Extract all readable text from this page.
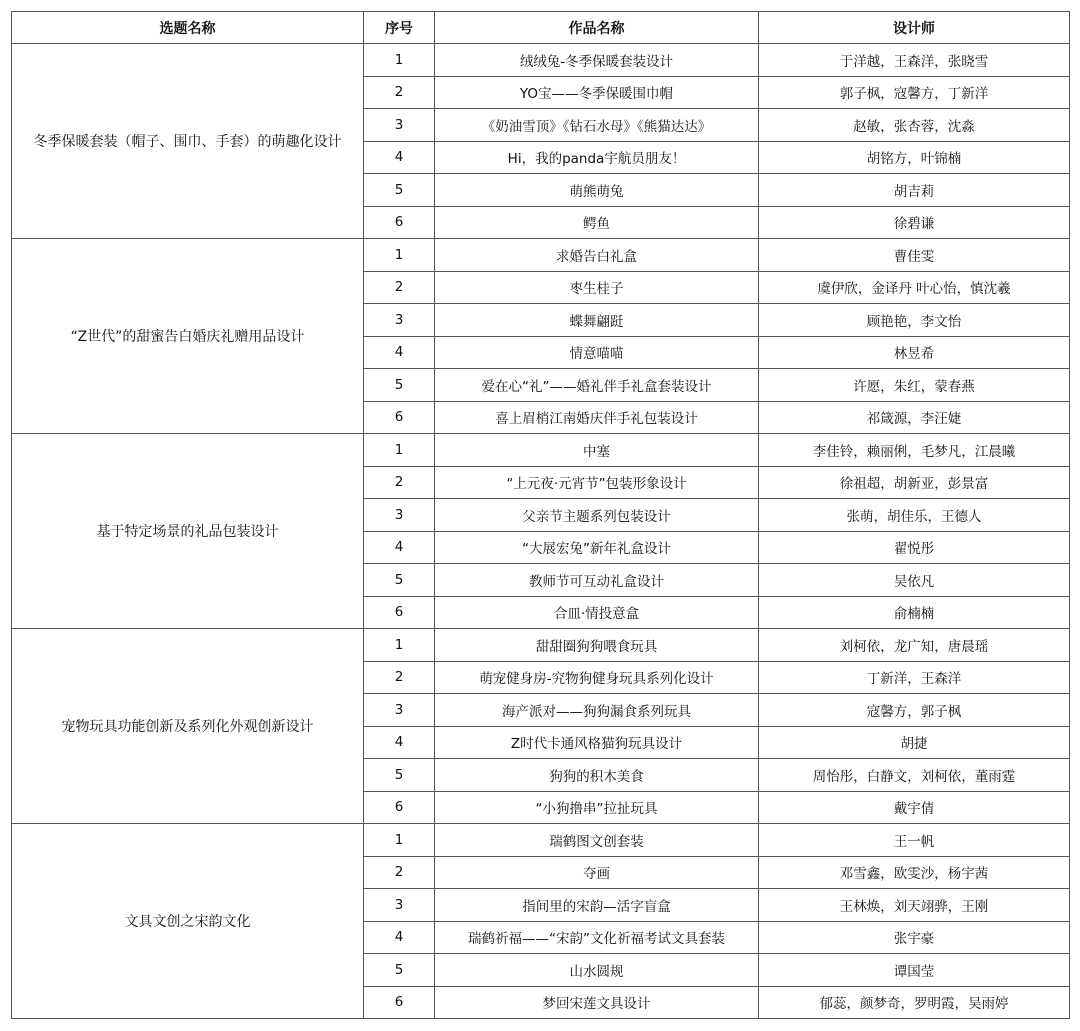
选题名称	序号	作品名称	设计师
冬季保暖套装（帽子、围巾、手套）的萌趣化设计	1	绒绒兔-冬季保暖套装设计	于洋越，王森洋，张晓雪
	2	YO宝——冬季保暖围巾帽	郭子枫，寇馨方，丁新洋
	3	《奶油雪顶》《钻石水母》《熊猫达达》	赵敏，张杏蓉，沈淼
	4	Hi，我的panda宇航员朋友！	胡铭方，叶锦楠
	5	萌熊萌兔	胡吉莉
	6	鳄鱼	徐碧谦
“Z世代”的甜蜜告白婚庆礼赠用品设计	1	求婚告白礼盒	曹佳雯
	2	枣生桂子	虞伊欣，金译丹 叶心怡，慎沈羲
	3	蝶舞翩跹	顾艳艳，李文怡
	4	情意喵喵	林昱希
	5	爱在心“礼”——婚礼伴手礼盒套装设计	许愿，朱红，蒙春燕
	6	喜上眉梢江南婚庆伴手礼包装设计	祁箴源，李汪婕
基于特定场景的礼品包装设计	1	中塞	李佳铃，赖丽俐，毛梦凡，江晨曦
	2	“上元夜·元宵节”包装形象设计	徐祖超，胡新亚，彭景富
	3	父亲节主题系列包装设计	张萌，胡佳乐，王德人
	4	“大展宏兔”新年礼盒设计	翟悦彤
	5	教师节可互动礼盒设计	吴依凡
	6	合皿·情投意盒	俞楠楠
宠物玩具功能创新及系列化外观创新设计	1	甜甜圈狗狗喂食玩具	刘柯依，龙广知，唐晨瑶
	2	萌宠健身房-究物狗健身玩具系列化设计	丁新洋，王森洋
	3	海产派对——狗狗漏食系列玩具	寇馨方，郭子枫
	4	Z时代卡通风格猫狗玩具设计	胡捷
	5	狗狗的积木美食	周怡彤，白静文，刘柯依，董雨霆
	6	“小狗撸串”拉扯玩具	戴宇倩
文具文创之宋韵文化	1	瑞鹤图文创套装	王一帆
	2	夺画	邓雪鑫，欧雯沙，杨宇茜
	3	指间里的宋韵—活字盲盒	王林焕，刘天翊骅，王刚
	4	瑞鹤祈福——“宋韵”文化祈福考试文具套装	张宇豪
	5	山水圆规	谭国莹
	6	梦回宋莲文具设计	郁蕊，颜梦奇，罗明霞，吴雨婷
